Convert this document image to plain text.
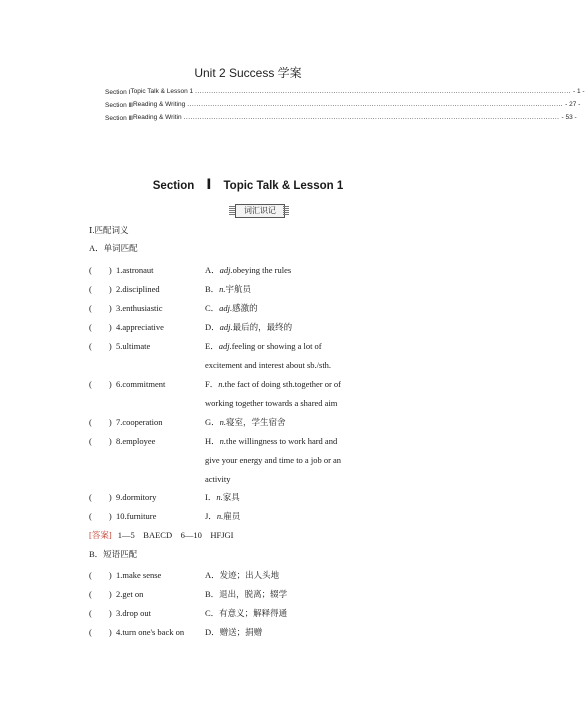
Unit 2 Success 学案
Section Ⅰ Topic Talk & Lesson 1 ................................................................................................................................................................... - 1 -
Section Ⅲ Reading & Writing ................................................................................................................................................................... - 27 -
Section Ⅲ Reading & Writin ................................................................................................................................................................... - 53 -
Section Ⅰ Topic Talk & Lesson 1
词汇识记
Ⅰ.匹配词义
A．单词匹配
(　　) 1.astronaut	A．adj.obeying the rules
(　　) 2.disciplined	B．n.宇航员
(　　) 3.enthusiastic	C．adj.感激的
(　　) 4.appreciative	D．adj.最后的，最终的
(　　) 5.ultimate	E．adj.feeling or showing a lot of
excitement and interest about sb./sth.
(　　) 6.commitment	F．n.the fact of doing sth.together or of
working together towards a shared aim
(　　) 7.cooperation	G．n.寝室，学生宿舍
(　　) 8.employee	H．n.the willingness to work hard and
give your energy and time to a job or an
activity
(　　) 9.dormitory	I．n.家具
(　　) 10.furniture	J．n.雇员
[答案] 1—5　BAECD　6—10　HFJGI
B．短语匹配
(　　) 1.make sense	A．发迹；出人头地
(　　) 2.get on	B．退出，脱离；辍学
(　　) 3.drop out	C．有意义；解释得通
(　　) 4.turn one's back on D．赠送；捐赠
